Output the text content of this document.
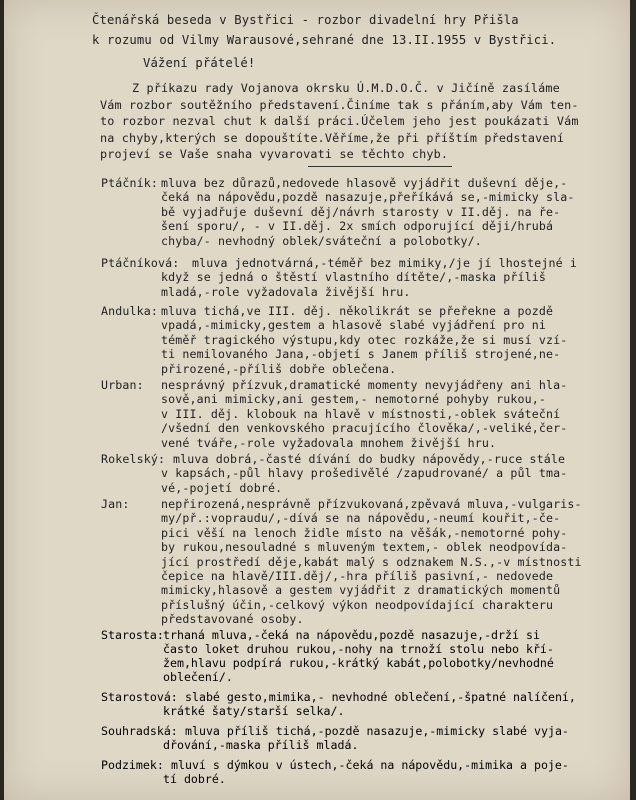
Čtenářská beseda v Bystřici - rozbor divadelní hry Přišla
k rozumu od Vilmy Warausové,sehrané dne 13.II.1955 v Bystřici.
Vážení přátelé!
Z příkazu rady Vojanova okrsku Ú.M.D.O.Č. v Jičíně zasíláme
Vám rozbor soutěžního představení.Činíme tak s přáním,aby Vám ten-
to rozbor nezval chut k další práci.Účelem jeho jest poukázati Vám
na chyby,kterých se dopouštíte.Věříme,že při příštím představení
projeví se Vaše snaha vyvarovati se těchto chyb.
Ptáčník: mluva bez důrazů,nedovede hlasově vyjádřit duševní děje,-
čeká na nápovědu,pozdě nasazuje,přeříkává se,-mimicky sla-
bě vyjadřuje duševní děj/návrh starosty v II.děj. na ře-
šení sporu/, - v II.děj. 2x smích odporující ději/hrubá
chyba/- nevhodný oblek/sváteční a polobotky/.
Ptáčníková: mluva jednotvárná,-téměř bez mimiky,/je jí lhostejné i
když se jedná o štěstí vlastního dítěte/,-maska příliš
mladá,-role vyžadovala živější hru.
Andulka: mluva tichá,ve III. děj. několikrát se přeřekne a pozdě
vpadá,-mimicky,gestem a hlasově slabé vyjádření pro ni
téměř tragického výstupu,kdy otec rozkáže,že si musí vzí-
ti nemilovaného Jana,-objetí s Janem příliš strojené,ne-
přirozené,-příliš dobře oblečena.
Urban: nesprávný přízvuk,dramatické momenty nevyjádřeny ani hla-
sově,ani mimicky,ani gestem,- nemotorné pohyby rukou,-
v III. děj. klobouk na hlavě v místnosti,-oblek sváteční
/všední den venkovského pracujícího člověka/,-veliké,čer-
vené tváře,-role vyžadovala mnohem živější hru.
Rokelský: mluva dobrá,-časté dívání do budky nápovědy,-ruce stále
v kapsách,-půl hlavy prošedivělé /zapudrované/ a půl tma-
vé,-pojetí dobré.
Jan:	nepřirozená,nesprávně přízvukovaná,zpěvavá mluva,-vulgaris-
my/př.:vopraudu/,-dívá se na nápovědu,-neumí kouřit,-če-
pici věší na lenoch židle místo na věšák,-nemotorné pohy-
by rukou,nesouladné s mluveným textem,- oblek neodpovída-
jící prostředí děje,kabát malý s odznakem N.S.,-v místnosti
čepice na hlavě/III.děj/,-hra příliš pasivní,- nedovede
mimicky,hlasově a gestem vyjádřit z dramatických momentů
příslušný účin,-celkový výkon neodpovídající charakteru
představované osoby.
Starosta: trhaná mluva,-čeká na nápovědu,pozdě nasazuje,-drží si
často loket druhou rukou,-nohy na trnoží stolu nebo kří-
žem,hlavu podpírá rukou,-krátký kabát,polobotky/nevhodné
oblečení/.
Starostová: slabé gesto,mimika,- nevhodné oblečení,-špatné nalíčení,
krátké šaty/starší selka/.
Souhradská: mluva příliš tichá,-pozdě nasazuje,-mimicky slabé vyja-
dřování,-maska příliš mladá.
Podzimek: mluví s dýmkou v ústech,-čeká na nápovědu,-mimika a poje-
tí dobré.
